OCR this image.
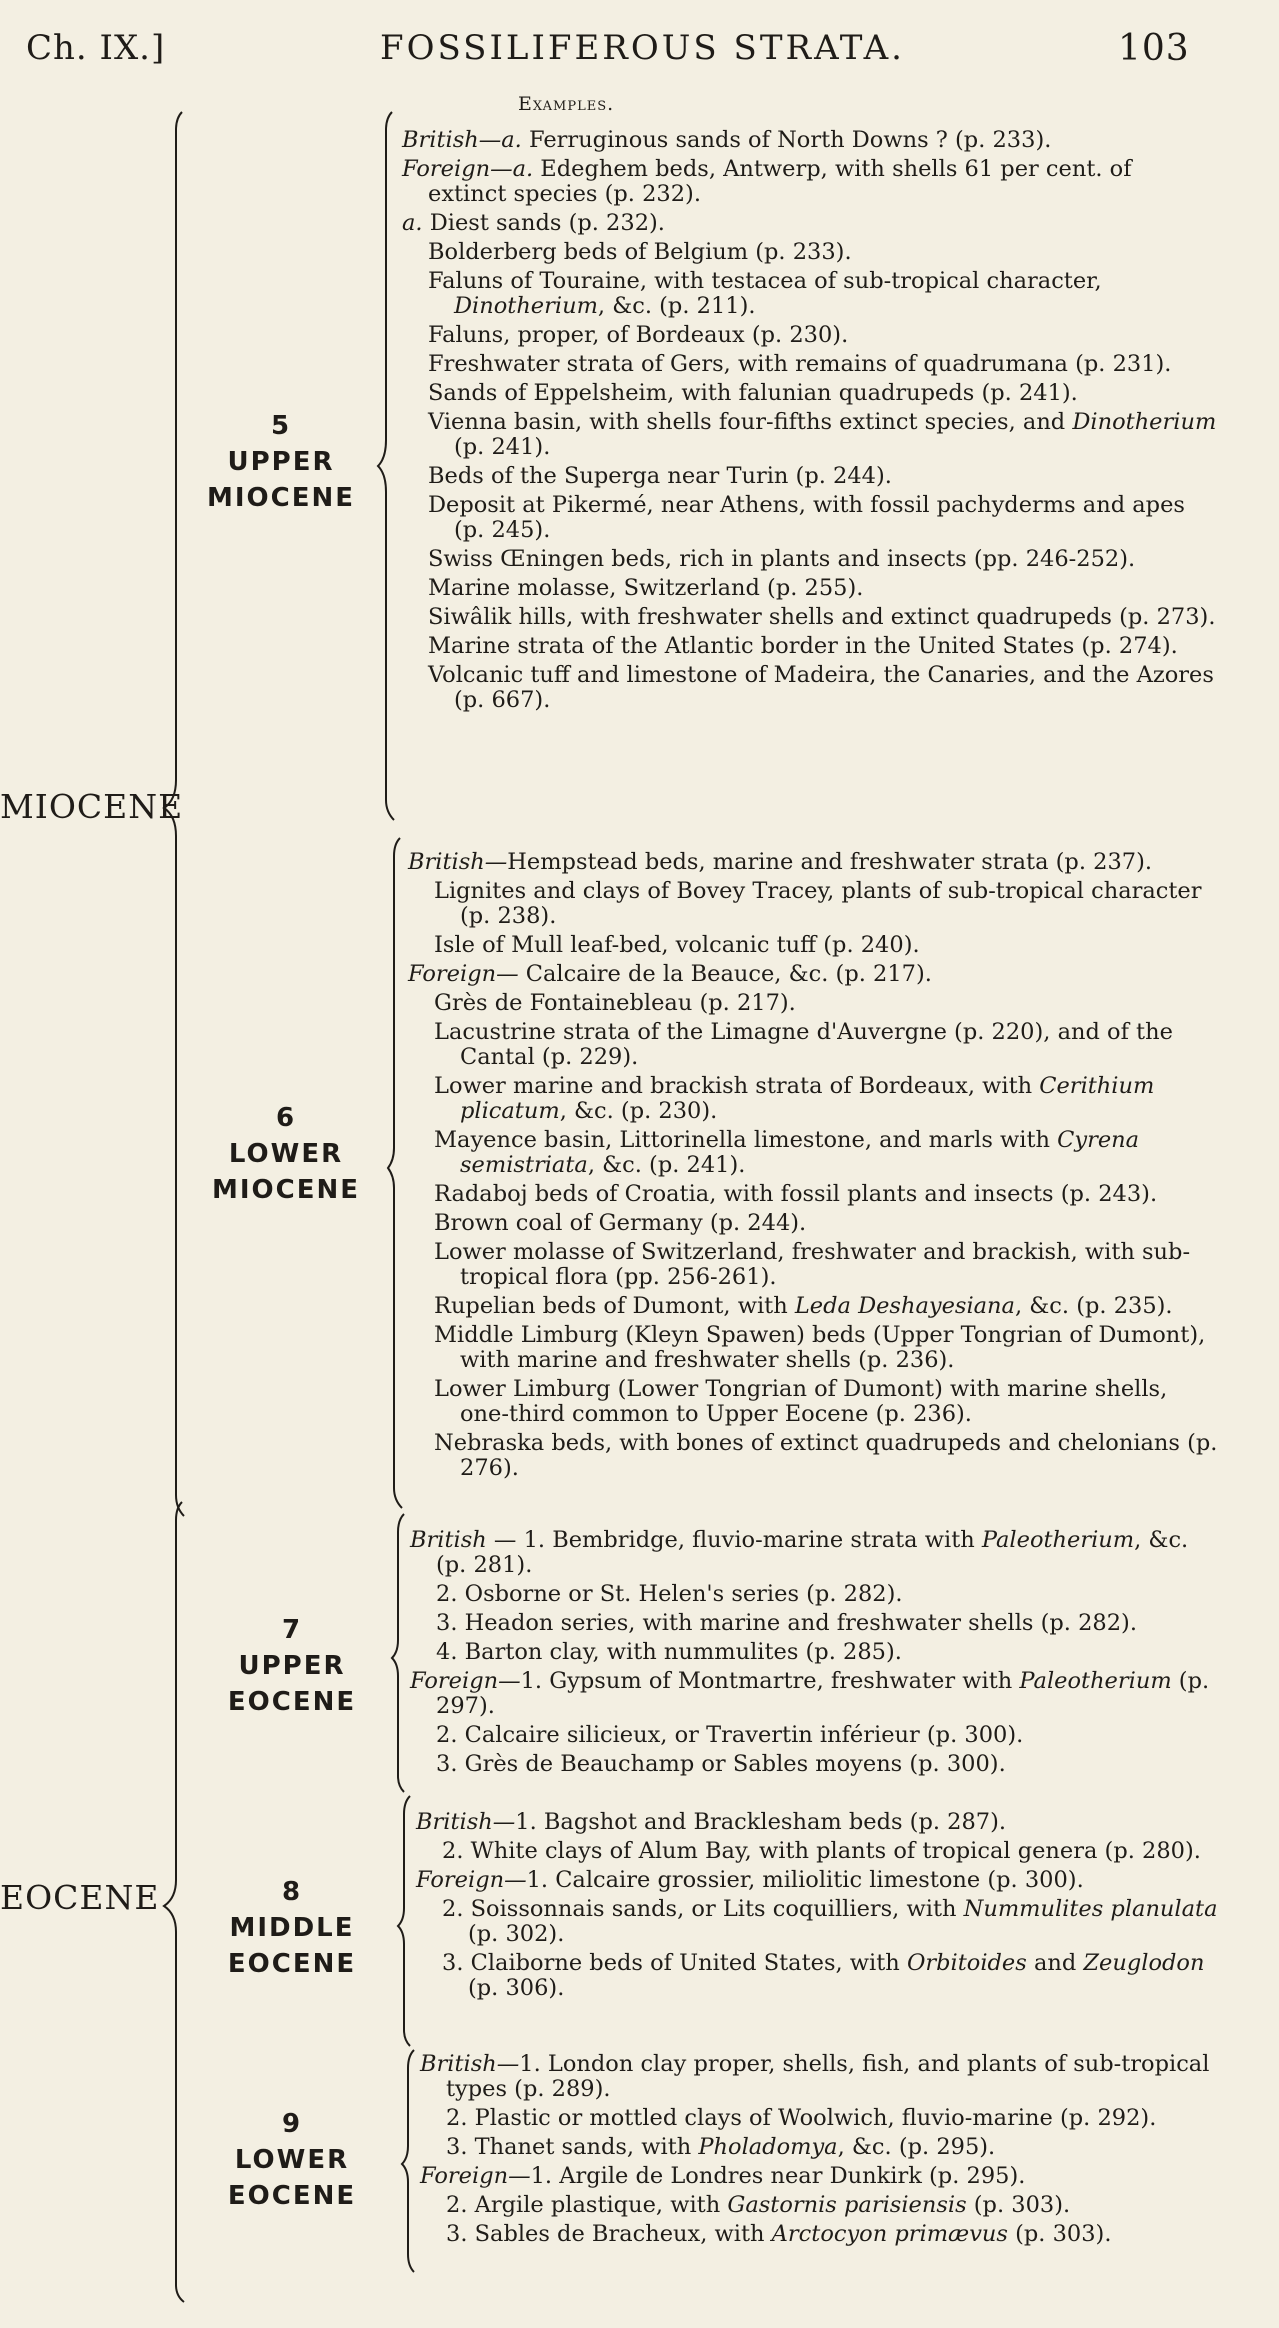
Ch. IX.]	FOSSILIFEROUS STRATA.	103
Examples.
MIOCENE
EOCENE
5
UPPER
MIOCENE
6
LOWER
MIOCENE
7
UPPER
EOCENE
8
MIDDLE
EOCENE
9
LOWER
EOCENE

British—a. Ferruginous sands of North Downs ? (p. 233).

Foreign—a. Edeghem beds, Antwerp, with shells 61 per cent. of extinct species (p. 232).

a. Diest sands (p. 232).

Bolderberg beds of Belgium (p. 233).

Faluns of Touraine, with testacea of sub-tropical character, Dinotherium, &c. (p. 211).

Faluns, proper, of Bordeaux (p. 230).

Freshwater strata of Gers, with remains of quadrumana (p. 231).

Sands of Eppelsheim, with falunian quadrupeds (p. 241).

Vienna basin, with shells four-fifths extinct species, and Dinotherium (p. 241).

Beds of the Superga near Turin (p. 244).

Deposit at Pikermé, near Athens, with fossil pachyderms and apes (p. 245).

Swiss Œningen beds, rich in plants and insects (pp. 246-252).

Marine molasse, Switzerland (p. 255).

Siwâlik hills, with freshwater shells and extinct quadrupeds (p. 273).

Marine strata of the Atlantic border in the United States (p. 274).

Volcanic tuff and limestone of Madeira, the Canaries, and the Azores (p. 667).

British—Hempstead beds, marine and freshwater strata (p. 237).

Lignites and clays of Bovey Tracey, plants of sub-tropical character (p. 238).

Isle of Mull leaf-bed, volcanic tuff (p. 240).

Foreign— Calcaire de la Beauce, &c. (p. 217).

Grès de Fontainebleau (p. 217).

Lacustrine strata of the Limagne d'Auvergne (p. 220), and of the Cantal (p. 229).

Lower marine and brackish strata of Bordeaux, with Cerithium plicatum, &c. (p. 230).

Mayence basin, Littorinella limestone, and marls with Cyrena semistriata, &c. (p. 241).

Radaboj beds of Croatia, with fossil plants and insects (p. 243).

Brown coal of Germany (p. 244).

Lower molasse of Switzerland, freshwater and brackish, with sub-tropical flora (pp. 256-261).

Rupelian beds of Dumont, with Leda Deshayesiana, &c. (p. 235).

Middle Limburg (Kleyn Spawen) beds (Upper Tongrian of Dumont), with marine and freshwater shells (p. 236).

Lower Limburg (Lower Tongrian of Dumont) with marine shells, one-third common to Upper Eocene (p. 236).

Nebraska beds, with bones of extinct quadrupeds and chelonians (p. 276).

British — 1. Bembridge, fluvio-marine strata with Paleotherium, &c. (p. 281).

2. Osborne or St. Helen's series (p. 282).

3. Headon series, with marine and freshwater shells (p. 282).

4. Barton clay, with nummulites (p. 285).

Foreign—1. Gypsum of Montmartre, freshwater with Paleotherium (p. 297).

2. Calcaire silicieux, or Travertin inférieur (p. 300).

3. Grès de Beauchamp or Sables moyens (p. 300).

British—1. Bagshot and Bracklesham beds (p. 287).

2. White clays of Alum Bay, with plants of tropical genera (p. 280).

Foreign—1. Calcaire grossier, miliolitic limestone (p. 300).

2. Soissonnais sands, or Lits coquilliers, with Nummulites planulata (p. 302).

3. Claiborne beds of United States, with Orbitoides and Zeuglodon (p. 306).

British—1. London clay proper, shells, fish, and plants of sub-tropical types (p. 289).

2. Plastic or mottled clays of Woolwich, fluvio-marine (p. 292).

3. Thanet sands, with Pholadomya, &c. (p. 295).

Foreign—1. Argile de Londres near Dunkirk (p. 295).

2. Argile plastique, with Gastornis parisiensis (p. 303).

3. Sables de Bracheux, with Arctocyon primævus (p. 303).
